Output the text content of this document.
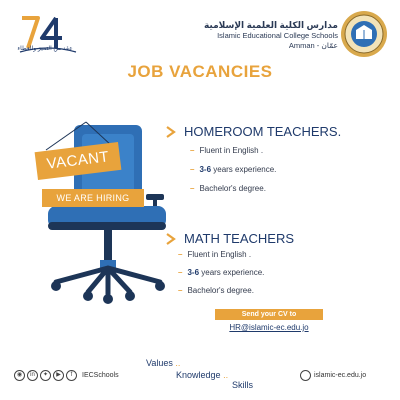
عقد من التميز والعطاء
مدارس الكلية العلمية الإسلامية
Islamic Educational College Schools
Amman - عمّان
JOB VACANCIES
VACANT
WE ARE HIRING
HOMEROOM TEACHERS.
– Fluent in English .
– 3-6 years experience.
– Bachelor's degree.
MATH TEACHERS
– Fluent in English .
– 3-6 years experience.
– Bachelor's degree.
Send your CV to
HR@islamic-ec.edu.jo
◉	in	✦	▶	f	IECSchools
Values ..
Knowledge ..
Skills
islamic-ec.edu.jo
